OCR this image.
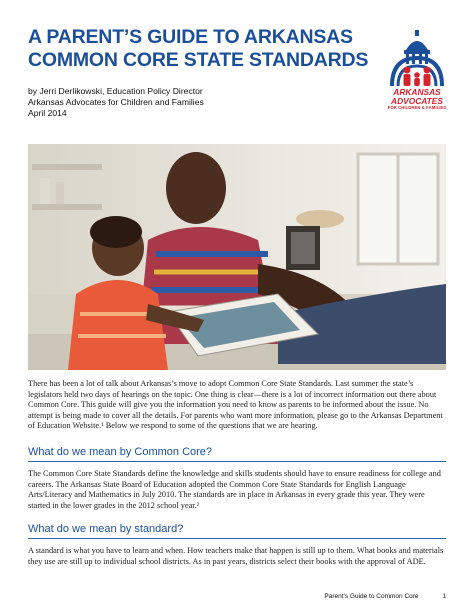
A PARENT’S GUIDE TO ARKANSAS
COMMON CORE STATE STANDARDS
by Jerri Derlikowski, Education Policy Director
Arkansas Advocates for Children and Families
April 2014
ARKANSAS
ADVOCATES
FOR CHILDREN & FAMILIES

There has been a lot of talk about Arkansas’s move to adopt Common Core State Standards. Last summer the state’s legislators held two days of hearings on the topic. One thing is clear—there is a lot of incorrect information out there about Common Core. This guide will give you the information you need to know as parents to be informed about the issue. No attempt is being made to cover all the details. For parents who want more information, please go to the Arkansas Department of Education Website.¹ Below we respond to some of the questions that we are hearing.

What do we mean by Common Core?

The Common Core State Standards define the knowledge and skills students should have to ensure readiness for college and careers. The Arkansas State Board of Education adopted the Common Core State Standards for English Language Arts/Literacy and Mathematics in July 2010. The standards are in place in Arkansas in every grade this year. They were started in the lower grades in the 2012 school year.²

What do we mean by standard?

A standard is what you have to learn and when. How teachers make that happen is still up to them. What books and materials they use are still up to individual school districts. As in past years, districts select their books with the approval of ADE.

Parent’s Guide to Common Core	1
